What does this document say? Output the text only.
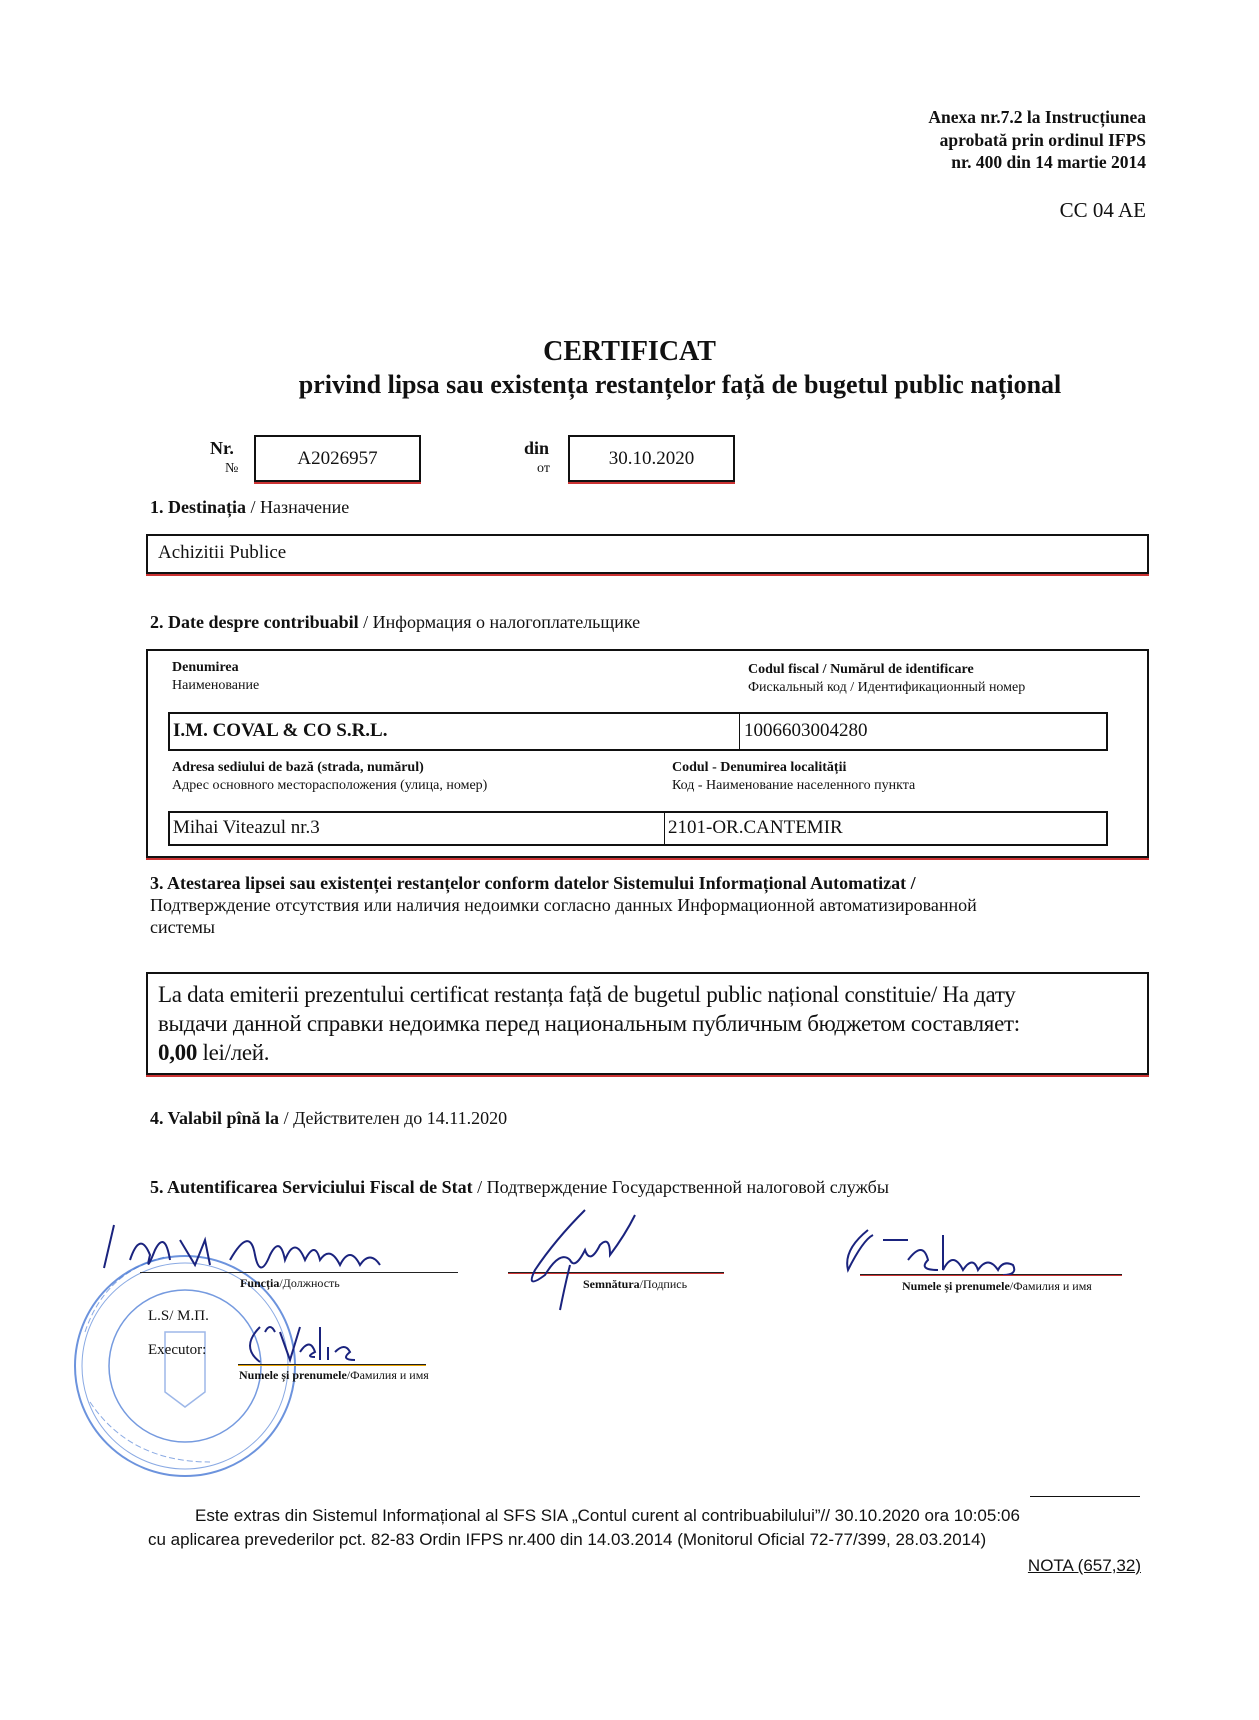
Anexa nr.7.2 la Instrucțiunea
aprobată prin ordinul IFPS
nr. 400 din 14 martie 2014
CC 04 AE
CERTIFICAT
privind lipsa sau existența restanțelor față de bugetul public național
Nr.
№	A2026957	din
от	30.10.2020
1. Destinația / Назначение
Achizitii Publice
2. Date despre contribuabil / Информация о налогоплательщике
Denumirea
Наименование
Codul fiscal / Numărul de identificare
Фискальный код / Идентификационный номер
I.M. COVAL & CO S.R.L.	1006603004280
Adresa sediului de bază (strada, numărul)
Адрес основного месторасположения (улица, номер)
Codul - Denumirea localității
Код - Наименование населенного пункта
Mihai Viteazul nr.3	2101-OR.CANTEMIR
3. Atestarea lipsei sau existenței restanțelor conform datelor Sistemului Informațional Automatizat /
Подтверждение отсутствия или наличия недоимки согласно данных Информационной автоматизированной
системы
La data emiterii prezentului certificat restanța față de bugetul public național constituie/ На дату
выдачи данной справки недоимка перед национальным публичным бюджетом составляет:
0,00 lei/лей.
4. Valabil pînă la / Действителен до 14.11.2020
5. Autentificarea Serviciului Fiscal de Stat / Подтверждение Государственной налоговой службы
Funcția/Должность	Semnătura/Подпись	Numele și prenumele/Фамилия и имя
L.S/ М.П.
Executor:
Numele și prenumele/Фамилия и имя
Este extras din Sistemul Informațional al SFS SIA „Contul curent al contribuabilului”// 30.10.2020 ora 10:05:06
cu aplicarea prevederilor pct. 82-83 Ordin IFPS nr.400 din 14.03.2014 (Monitorul Oficial 72-77/399, 28.03.2014)
NOTA (657,32)
